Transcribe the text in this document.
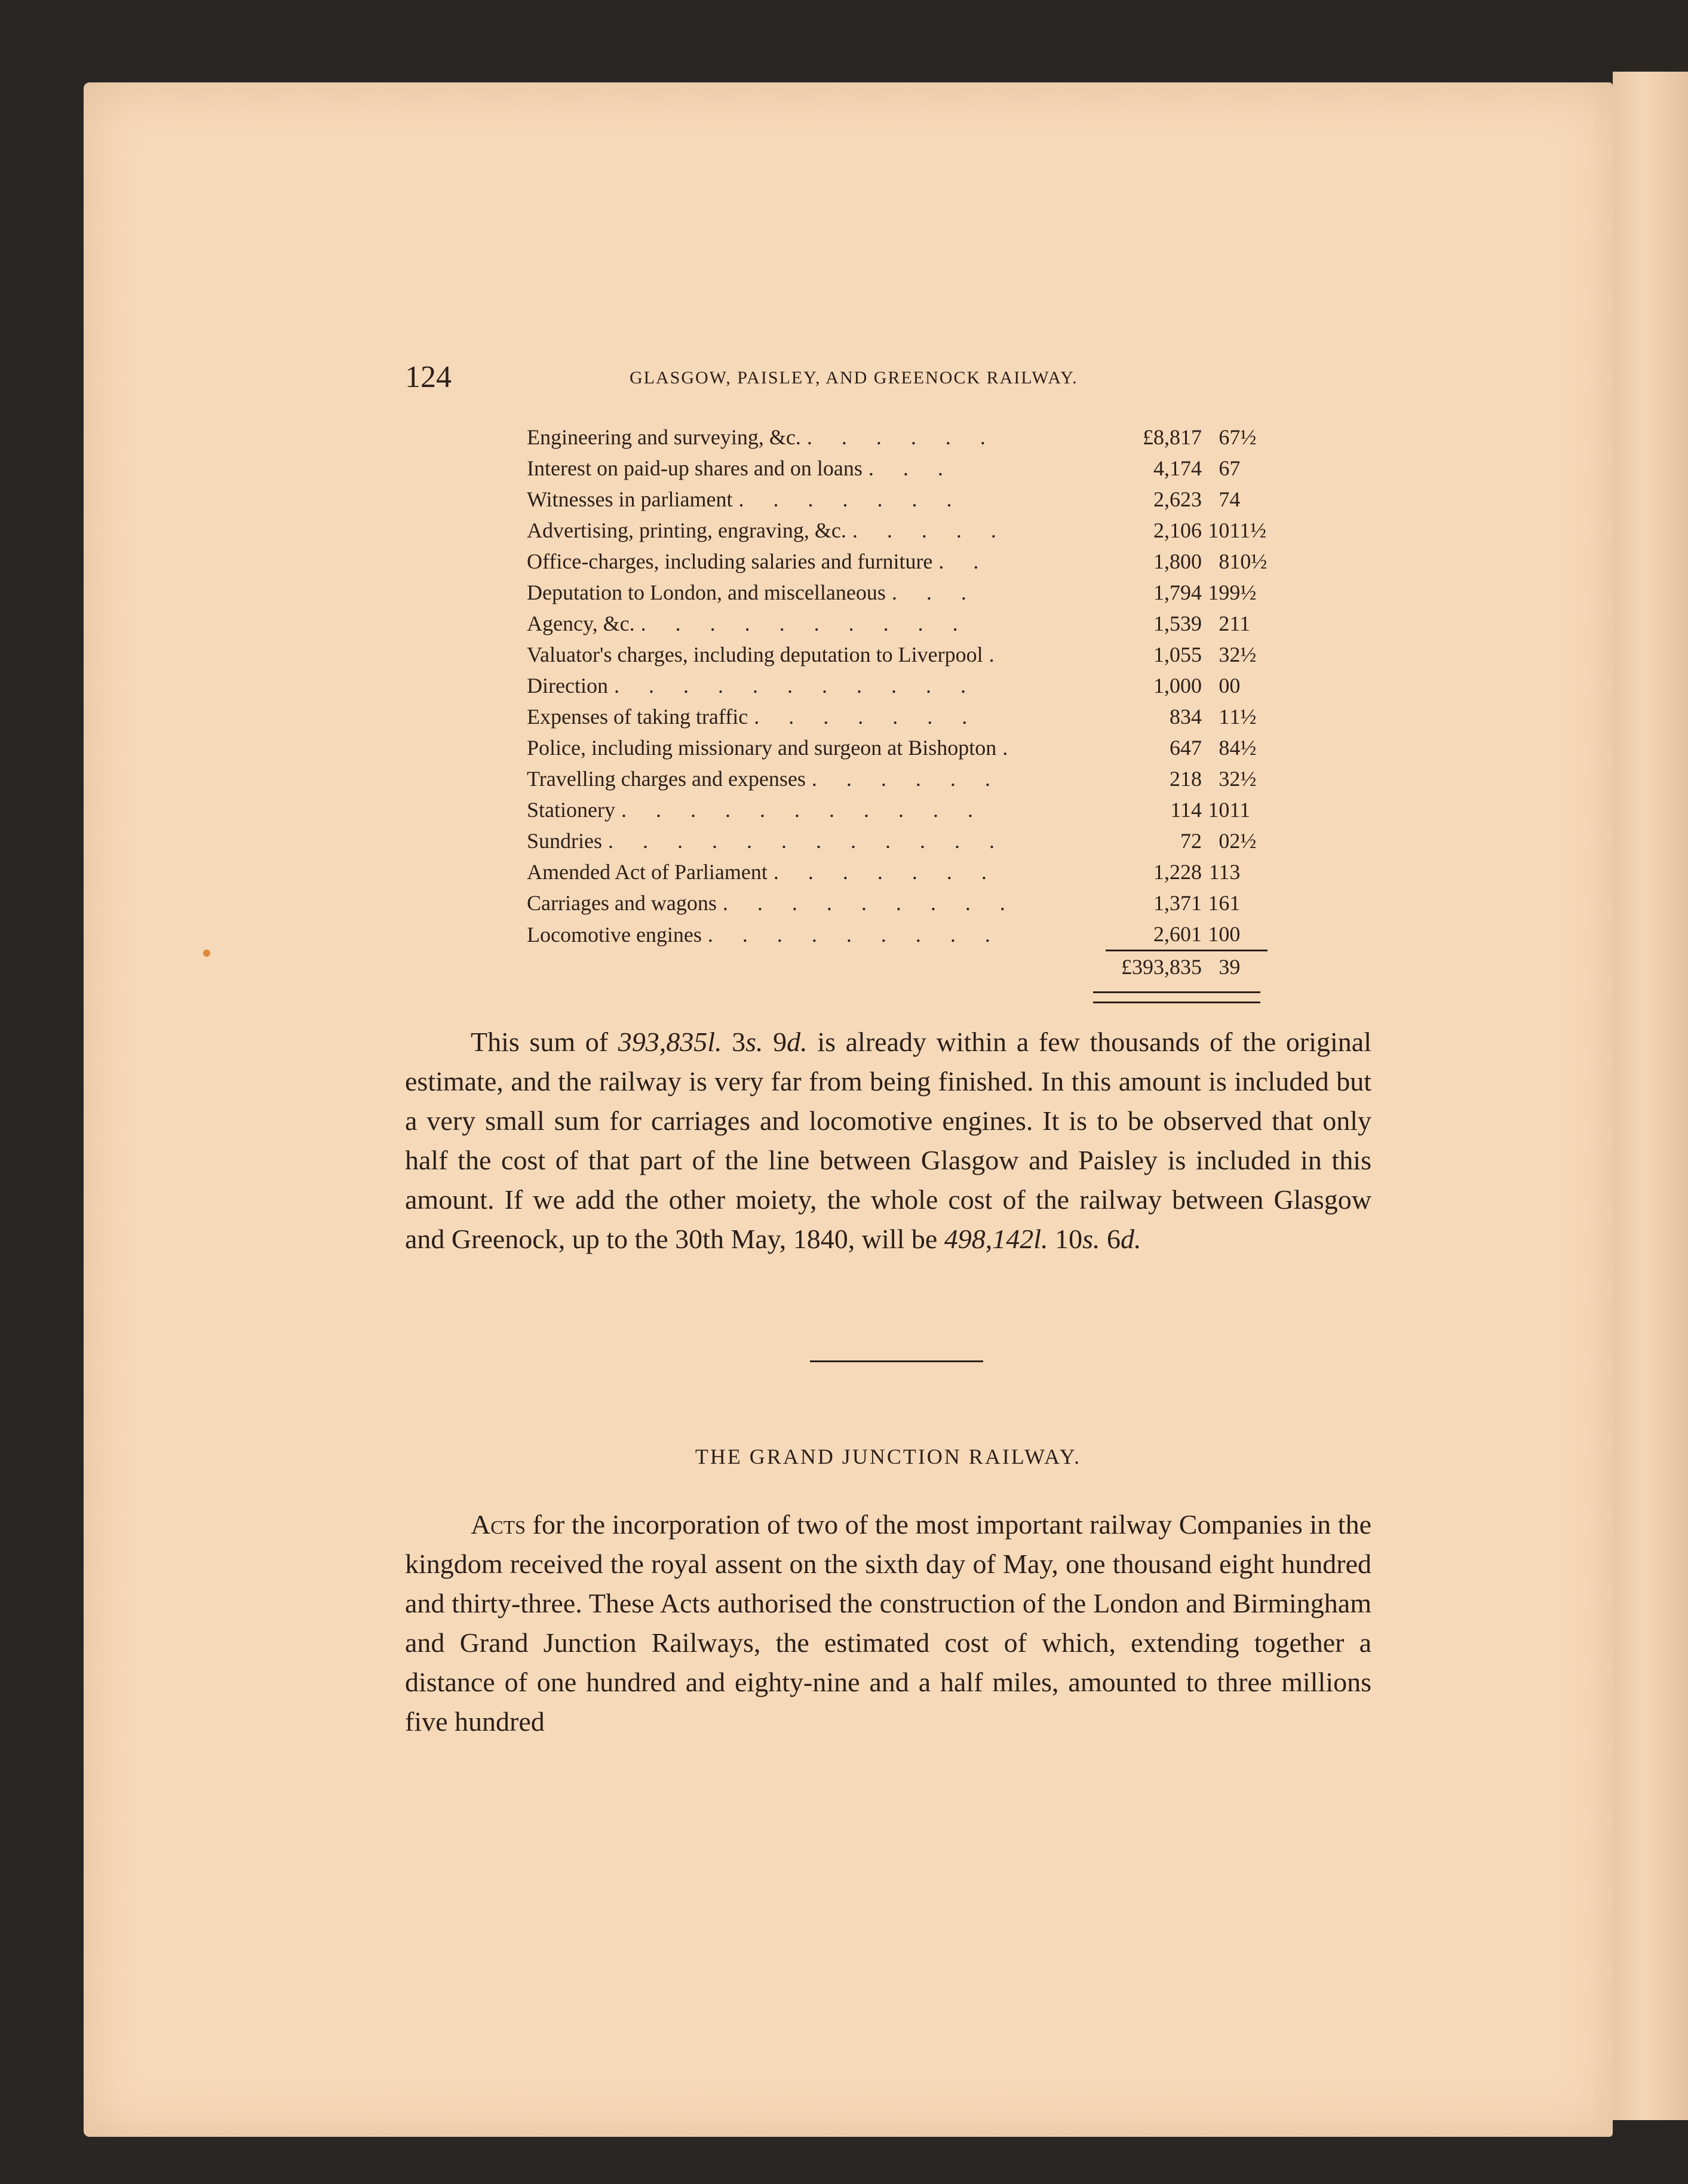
124	GLASGOW, PAISLEY, AND GREENOCK RAILWAY.
Engineering and surveying, &c. . . . . . .	£8,817	6	7½
Interest on paid-up shares and on loans . . .	4,174	6	7
Witnesses in parliament . . . . . . .	2,623	7	4
Advertising, printing, engraving, &c. . . . . .	2,106	10	11½
Office-charges, including salaries and furniture . .	1,800	8	10½
Deputation to London, and miscellaneous . . .	1,794	19	9½
Agency, &c. . . . . . . . . . .	1,539	2	11
Valuator's charges, including deputation to Liverpool .	1,055	3	2½
Direction . . . . . . . . . . .	1,000	0	0
Expenses of taking traffic . . . . . . .	834	1	1½
Police, including missionary and surgeon at Bishopton .	647	8	4½
Travelling charges and expenses . . . . . .	218	3	2½
Stationery . . . . . . . . . . .	114	10	11
Sundries . . . . . . . . . . . .	72	0	2½
Amended Act of Parliament . . . . . . .	1,228	11	3
Carriages and wagons . . . . . . . . .	1,371	16	1
Locomotive engines . . . . . . . . .	2,601	10	0
	£393,835	3	9
This sum of 393,835l. 3s. 9d. is already within a few thousands of the original estimate, and the railway is very far from being finished. In this amount is included but a very small sum for carriages and locomotive engines. It is to be observed that only half the cost of that part of the line between Glasgow and Paisley is included in this amount. If we add the other moiety, the whole cost of the railway between Glasgow and Greenock, up to the 30th May, 1840, will be 498,142l. 10s. 6d.
THE GRAND JUNCTION RAILWAY.
Acts for the incorporation of two of the most important railway Companies in the kingdom received the royal assent on the sixth day of May, one thousand eight hundred and thirty-three. These Acts authorised the construction of the London and Birmingham and Grand Junction Railways, the estimated cost of which, extending together a distance of one hundred and eighty-nine and a half miles, amounted to three millions five hundred
